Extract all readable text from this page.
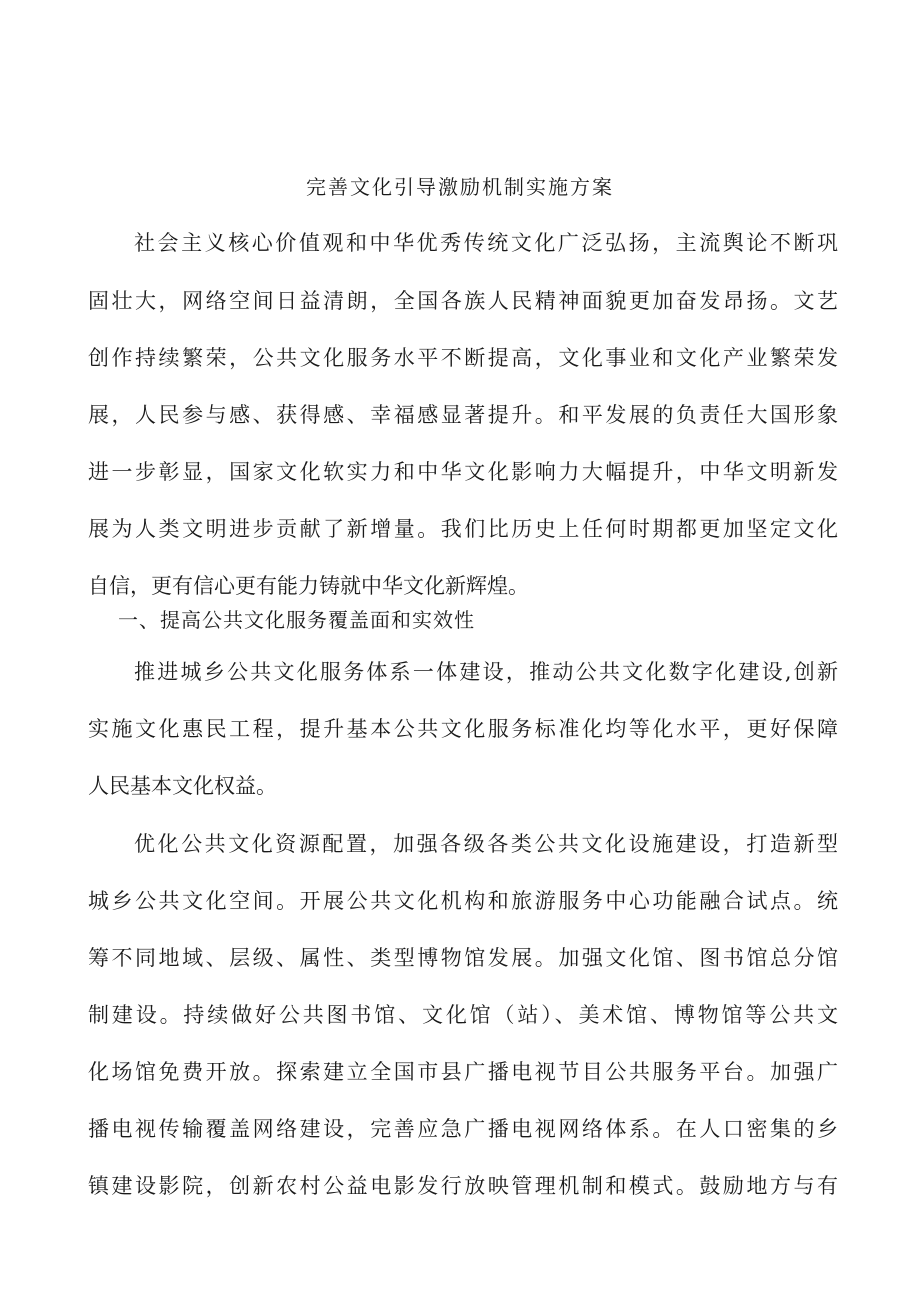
完善文化引导激励机制实施方案

社会主义核心价值观和中华优秀传统文化广泛弘扬，主流舆论不断巩

固壮大，网络空间日益清朗，全国各族人民精神面貌更加奋发昂扬。文艺

创作持续繁荣，公共文化服务水平不断提高，文化事业和文化产业繁荣发

展，人民参与感、获得感、幸福感显著提升。和平发展的负责任大国形象

进一步彰显，国家文化软实力和中华文化影响力大幅提升，中华文明新发

展为人类文明进步贡献了新增量。我们比历史上任何时期都更加坚定文化

自信，更有信心更有能力铸就中华文化新辉煌。

一、提高公共文化服务覆盖面和实效性

推进城乡公共文化服务体系一体建设，推动公共文化数字化建设,创新

实施文化惠民工程，提升基本公共文化服务标准化均等化水平，更好保障

人民基本文化权益。

优化公共文化资源配置，加强各级各类公共文化设施建设，打造新型

城乡公共文化空间。开展公共文化机构和旅游服务中心功能融合试点。统

筹不同地域、层级、属性、类型博物馆发展。加强文化馆、图书馆总分馆

制建设。持续做好公共图书馆、文化馆（站）、美术馆、博物馆等公共文

化场馆免费开放。探索建立全国市县广播电视节目公共服务平台。加强广

播电视传输覆盖网络建设，完善应急广播电视网络体系。在人口密集的乡

镇建设影院，创新农村公益电影发行放映管理机制和模式。鼓励地方与有
